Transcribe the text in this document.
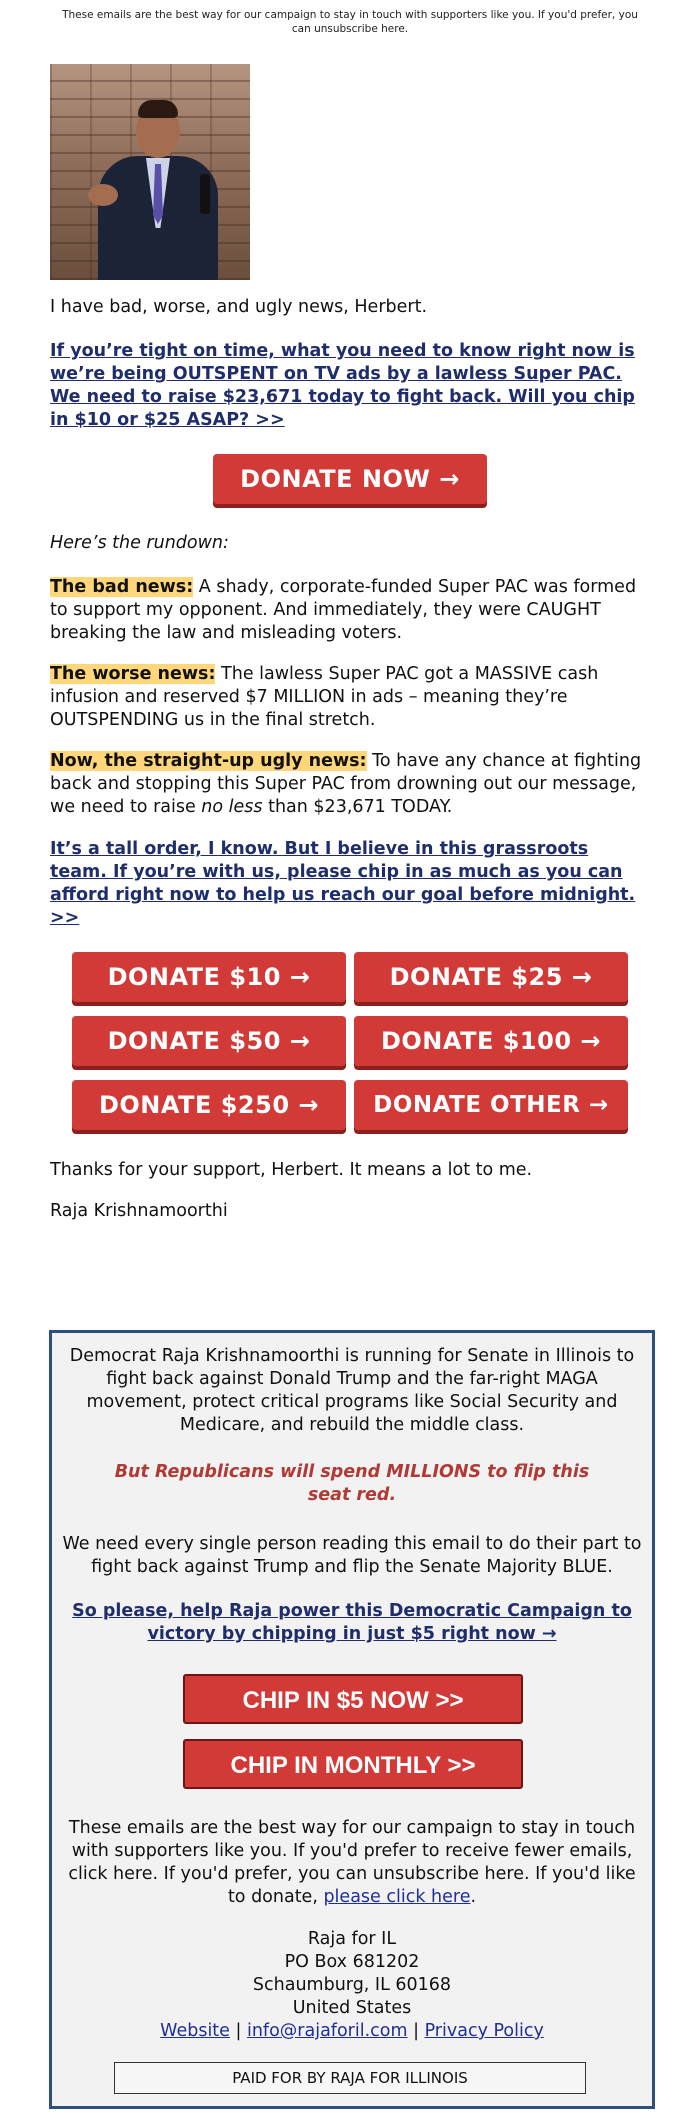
These emails are the best way for our campaign to stay in touch with supporters like you. If you'd prefer, you can unsubscribe here.
I have bad, worse, and ugly news, Herbert.
If you’re tight on time, what you need to know right now is we’re being OUTSPENT on TV ads by a lawless Super PAC. We need to raise $23,671 today to fight back. Will you chip in $10 or $25 ASAP? >>
DONATE NOW →
Here’s the rundown:
The bad news: A shady, corporate-funded Super PAC was formed to support my opponent. And immediately, they were CAUGHT breaking the law and misleading voters.
The worse news: The lawless Super PAC got a MASSIVE cash infusion and reserved $7 MILLION in ads – meaning they’re OUTSPENDING us in the final stretch.
Now, the straight-up ugly news: To have any chance at fighting back and stopping this Super PAC from drowning out our message, we need to raise no less than $23,671 TODAY.
It’s a tall order, I know. But I believe in this grassroots team. If you’re with us, please chip in as much as you can afford right now to help us reach our goal before midnight. >>
DONATE $10 →	DONATE $25 →
DONATE $50 →	DONATE $100 →
DONATE $250 →	DONATE OTHER →
Thanks for your support, Herbert. It means a lot to me.
Raja Krishnamoorthi
Democrat Raja Krishnamoorthi is running for Senate in Illinois to fight back against Donald Trump and the far-right MAGA movement, protect critical programs like Social Security and Medicare, and rebuild the middle class.
But Republicans will spend MILLIONS to flip this seat red.
We need every single person reading this email to do their part to fight back against Trump and flip the Senate Majority BLUE.
So please, help Raja power this Democratic Campaign to victory by chipping in just $5 right now →
CHIP IN $5 NOW >>
CHIP IN MONTHLY >>
These emails are the best way for our campaign to stay in touch with supporters like you. If you'd prefer to receive fewer emails, click here. If you'd prefer, you can unsubscribe here. If you'd like to donate, please click here.
Raja for IL
PO Box 681202
Schaumburg, IL 60168
United States
Website | info@rajaforil.com | Privacy Policy
PAID FOR BY RAJA FOR ILLINOIS
